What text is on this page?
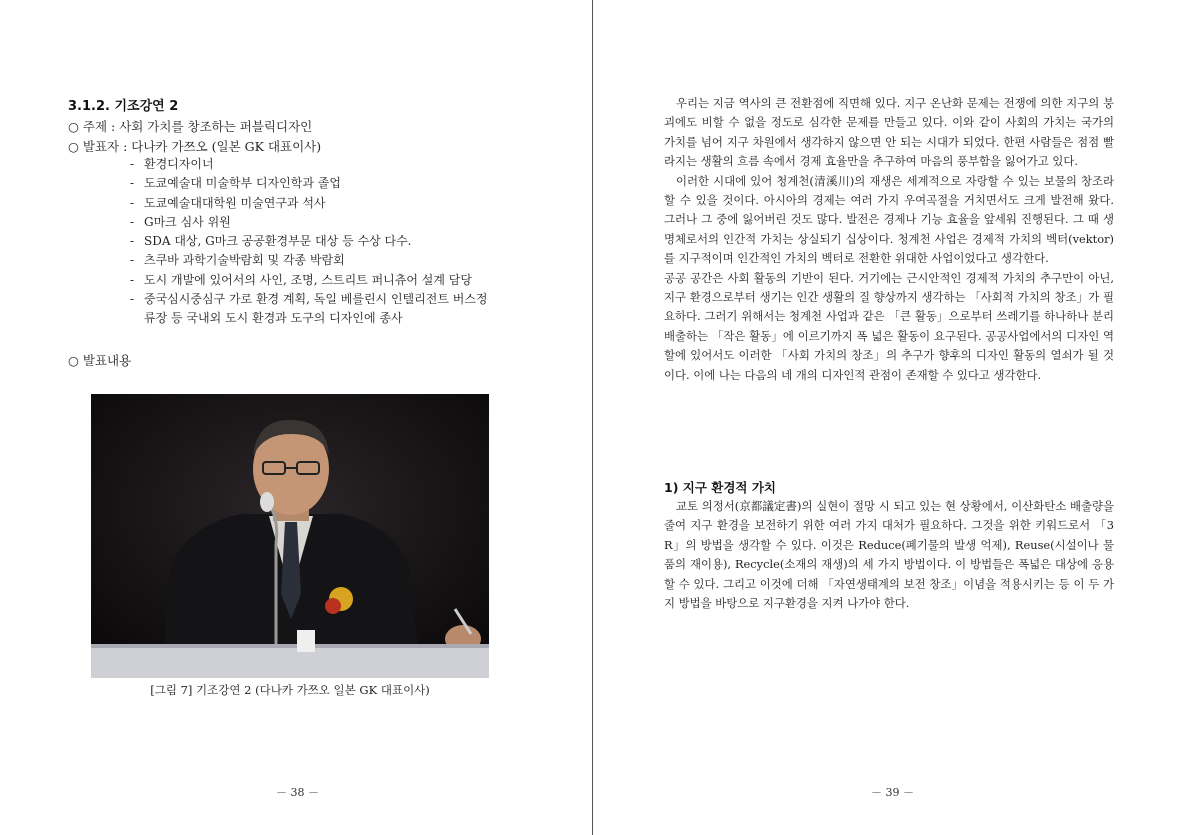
3.1.2. 기조강연 2
○ 주제 : 사회 가치를 창조하는 퍼블릭디자인
○ 발표자 : 다나카 가쯔오 (일본 GK 대표이사)
- 환경디자이너
- 도쿄예술대 미술학부 디자인학과 졸업
- 도쿄예술대대학원 미술연구과 석사
- G마크 심사 위원
- SDA 대상, G마크 공공환경부문 대상 등 수상 다수.
- 츠쿠바 과학기술박람회 및 각종 박람회
- 도시 개발에 있어서의 사인, 조명, 스트리트 퍼니츄어 설계 담당
- 중국심시중심구 가로 환경 계획, 독일 베를린시 인텔리전트 버스정
류장 등 국내외 도시 환경과 도구의 디자인에 종사
○ 발표내용
[그림 7] 기조강연 2 (다나카 가쯔오 일본 GK 대표이사)
－ 38 －

우리는 지금 역사의 큰 전환점에 직면해 있다. 지구 온난화 문제는 전쟁에 의한 지구의 붕괴에도 비할 수 없을 정도로 심각한 문제를 만들고 있다. 이와 같이 사회의 가치는 국가의 가치를 넘어 지구 차원에서 생각하지 않으면 안 되는 시대가 되었다. 한편 사람들은 점점 빨라지는 생활의 흐름 속에서 경제 효율만을 추구하여 마음의 풍부함을 잃어가고 있다.

이러한 시대에 있어 청계천(清溪川)의 재생은 세계적으로 자랑할 수 있는 보물의 창조라 할 수 있을 것이다. 아시아의 경제는 여러 가지 우여곡절을 거치면서도 크게 발전해 왔다. 그러나 그 중에 잃어버린 것도 많다. 발전은 경제나 기능 효율을 앞세워 진행된다. 그 때 생명체로서의 인간적 가치는 상실되기 십상이다. 청계천 사업은 경제적 가치의 벡터(vektor)를 지구적이며 인간적인 가치의 벡터로 전환한 위대한 사업이었다고 생각한다.

공공 공간은 사회 활동의 기반이 된다. 거기에는 근시안적인 경제적 가치의 추구만이 아닌, 지구 환경으로부터 생기는 인간 생활의 질 향상까지 생각하는 「사회적 가치의 창조」가 필요하다. 그러기 위해서는 청계천 사업과 같은 「큰 활동」으로부터 쓰레기를 하나하나 분리 배출하는 「작은 활동」에 이르기까지 폭 넓은 활동이 요구된다. 공공사업에서의 디자인 역할에 있어서도 이러한 「사회 가치의 창조」의 추구가 향후의 디자인 활동의 열쇠가 될 것이다. 이에 나는 다음의 네 개의 디자인적 관점이 존재할 수 있다고 생각한다.

1) 지구 환경적 가치

교토 의정서(京都議定書)의 실현이 절망 시 되고 있는 현 상황에서, 이산화탄소 배출량을 줄여 지구 환경을 보전하기 위한 여러 가지 대처가 필요하다. 그것을 위한 키워드로서 「3 R」의 방법을 생각할 수 있다. 이것은 Reduce(폐기물의 발생 억제), Reuse(시설이나 물품의 재이용), Recycle(소재의 재생)의 세 가지 방법이다. 이 방법들은 폭넓은 대상에 응용할 수 있다. 그리고 이것에 더해 「자연생태계의 보전 창조」이념을 적용시키는 등 이 두 가지 방법을 바탕으로 지구환경을 지켜 나가야 한다.

－ 39 －
